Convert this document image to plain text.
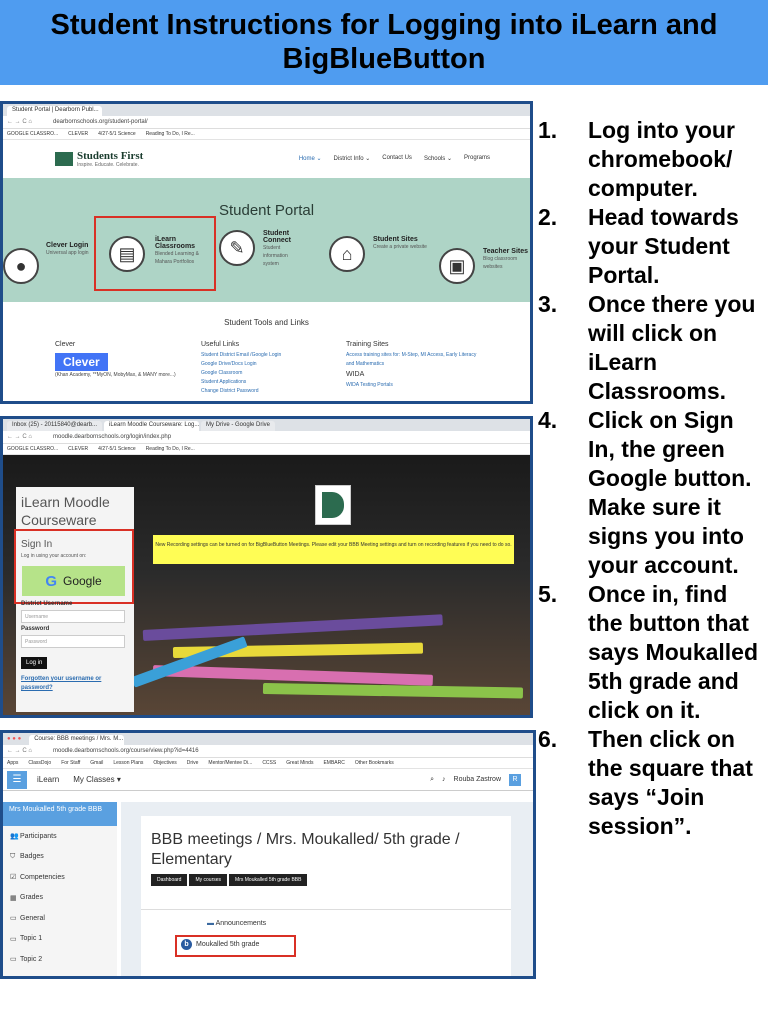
Student Instructions for Logging into iLearn and
BigBlueButton
1.	Log into your chromebook/ computer.
2.	Head towards your Student Portal.
3.	Once there you will click on iLearn Classrooms.
4.	Click on Sign In, the green Google button. Make sure it signs you into your account.
5.	Once in, find the button that says Moukalled 5th grade and click on it.
6.	Then click on the square that says “Join session”.
Student Portal | Dearborn Publ...
← → C ⌂	dearbornschools.org/student-portal/
GOOGLE CLASSRO... CLEVER 4/27-5/1 Science Reading To Do, I Re...
Students First
Inspire. Educate. Celebrate.
Home ⌄ District Info ⌄ Contact Us Schools ⌄ Programs
Student Portal
●
Clever Login
Universal app login	▤
iLearn Classrooms
Blended Learning & Mahara Portfolios
✎
Student Connect
Student information system
⌂
Student Sites
Create a private website
▣
Teacher Sites
Blog classroom websites
Student Tools and Links
Clever
Clever
(Khan Academy, **MyON, MobyMax, & MANY more...)
Useful Links
Student District Email /Google Login
Google Drive/Docs Login
Google Classroom
Student Applications
Change District Password
Training Sites
Access training sites for: M-Step, MI Access, Early Literacy and Mathematics
WIDA
WIDA Testing Portals
Inbox (25) - 20115840@dearb...	iLearn Moodle Courseware: Log...	My Drive - Google Drive
← → C ⌂	moodle.dearbornschools.org/login/index.php
GOOGLE CLASSRO... CLEVER 4/27-5/1 Science Reading To Do, I Re...
New Recording settings can be turned on for BigBlueButton Meetings. Please edit your BBB Meeting settings and turn on recording features if you need to do so.
iLearn Moodle Courseware
Sign In
Log in using your account on:
G Google
District Username
Username
Password
Password
Log in
Forgotten your username or password?
● ● ●	Course: BBB meetings / Mrs. M...
← → C ⌂	moodle.dearbornschools.org/course/view.php?id=4416
Apps ClassDojo For Staff Gmail Lesson Plans Objectives Drive Mentor/Mentee Di... CCSS Great Minds EMBARC Other Bookmarks
☰	iLearn My Classes ▾	⌕ ♪ Rouba Zastrow	R
Mrs Moukalled 5th grade BBB
👥 Participants
⛉ Badges
☑ Competencies
▦ Grades
▭ General
▭ Topic 1
▭ Topic 2
BBB meetings / Mrs. Moukalled/ 5th grade / Elementary
Dashboard	My courses	Mrs Moukalled 5th grade BBB
▬ Announcements
b	Moukalled 5th grade
